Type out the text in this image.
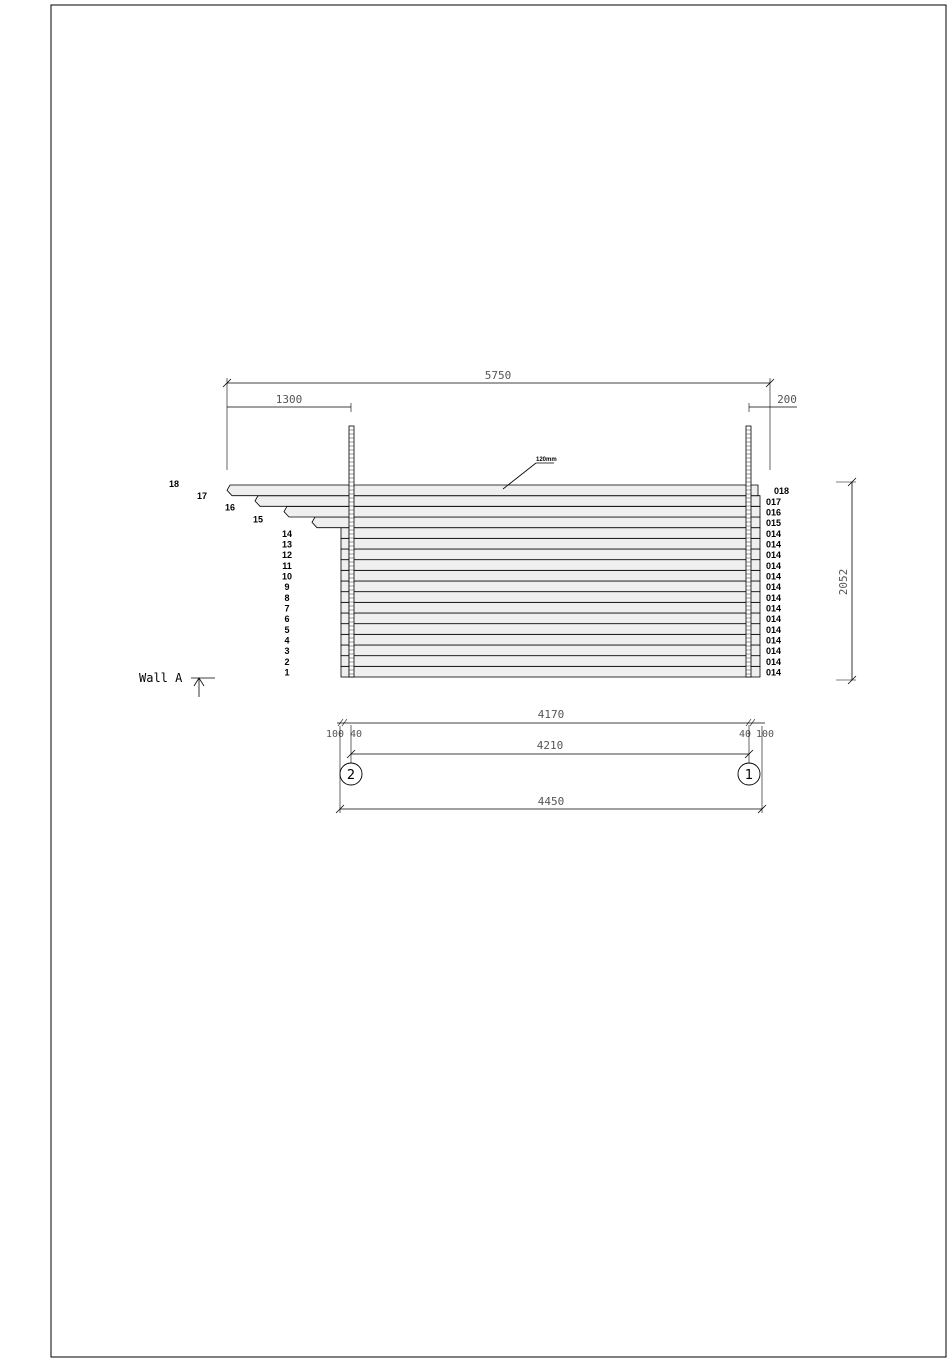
5750
1300	200
18
17
16
15
14
13
12
11
10
9
8
7
6
5
4
3
2
1
018
017
016
015
014
014
014
014
014
014
014
014
014
014
014
014
014
014
120mm
2052
Wall A
4170
100 40	40 100
4210
2	1
4450
